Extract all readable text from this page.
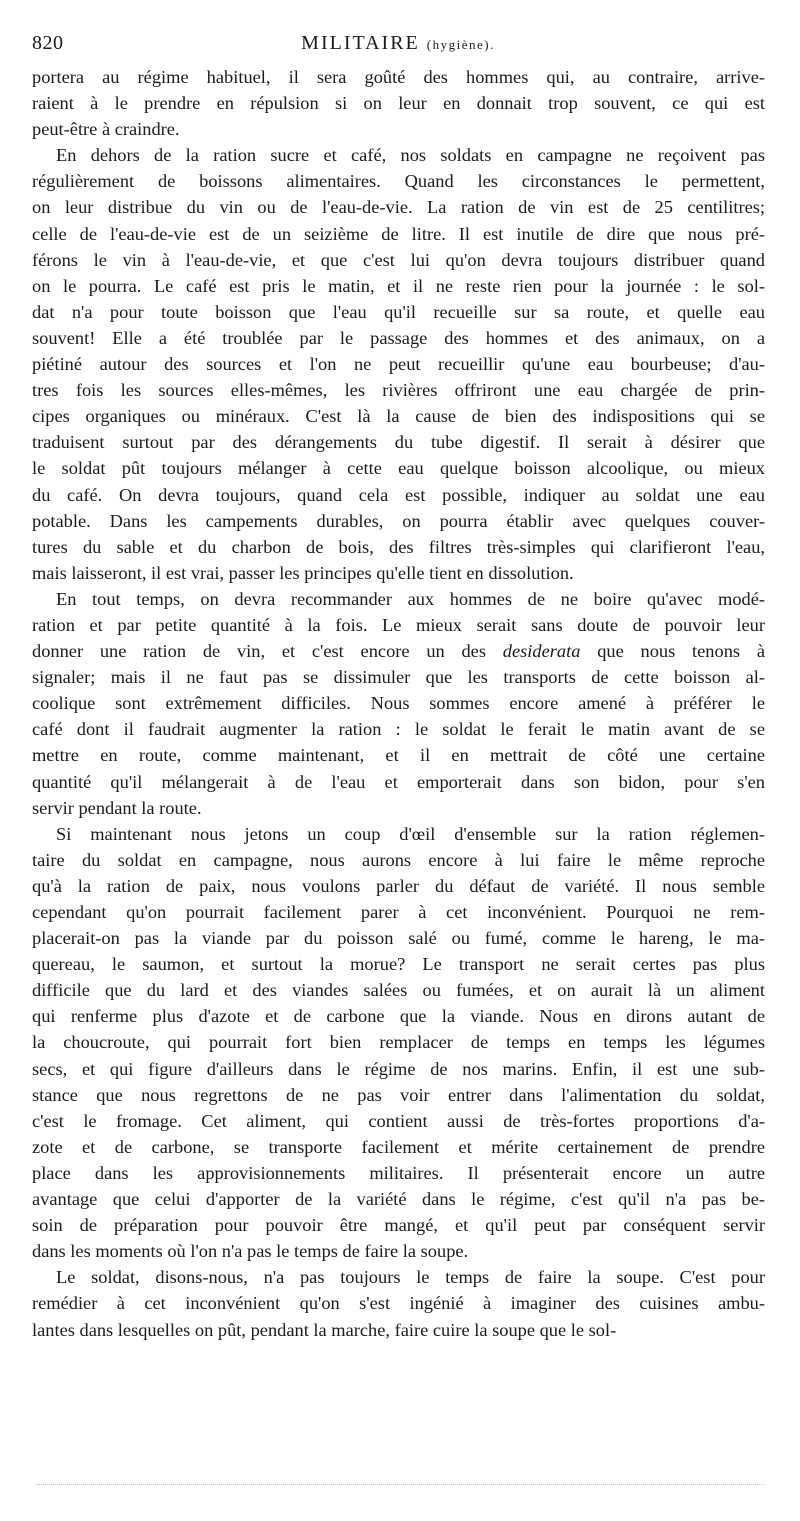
820	MILITAIRE (hygiène).
portera au régime habituel, il sera goûté des hommes qui, au contraire, arrive-
raient à le prendre en répulsion si on leur en donnait trop souvent, ce qui est
peut-être à craindre.
En dehors de la ration sucre et café, nos soldats en campagne ne reçoivent pas
régulièrement de boissons alimentaires. Quand les circonstances le permettent,
on leur distribue du vin ou de l'eau-de-vie. La ration de vin est de 25 centilitres;
celle de l'eau-de-vie est de un seizième de litre. Il est inutile de dire que nous pré-
férons le vin à l'eau-de-vie, et que c'est lui qu'on devra toujours distribuer quand
on le pourra. Le café est pris le matin, et il ne reste rien pour la journée : le sol-
dat n'a pour toute boisson que l'eau qu'il recueille sur sa route, et quelle eau
souvent! Elle a été troublée par le passage des hommes et des animaux, on a
piétiné autour des sources et l'on ne peut recueillir qu'une eau bourbeuse; d'au-
tres fois les sources elles-mêmes, les rivières offriront une eau chargée de prin-
cipes organiques ou minéraux. C'est là la cause de bien des indispositions qui se
traduisent surtout par des dérangements du tube digestif. Il serait à désirer que
le soldat pût toujours mélanger à cette eau quelque boisson alcoolique, ou mieux
du café. On devra toujours, quand cela est possible, indiquer au soldat une eau
potable. Dans les campements durables, on pourra établir avec quelques couver-
tures du sable et du charbon de bois, des filtres très-simples qui clarifieront l'eau,
mais laisseront, il est vrai, passer les principes qu'elle tient en dissolution.
En tout temps, on devra recommander aux hommes de ne boire qu'avec modé-
ration et par petite quantité à la fois. Le mieux serait sans doute de pouvoir leur
donner une ration de vin, et c'est encore un des desiderata que nous tenons à
signaler; mais il ne faut pas se dissimuler que les transports de cette boisson al-
coolique sont extrêmement difficiles. Nous sommes encore amené à préférer le
café dont il faudrait augmenter la ration : le soldat le ferait le matin avant de se
mettre en route, comme maintenant, et il en mettrait de côté une certaine
quantité qu'il mélangerait à de l'eau et emporterait dans son bidon, pour s'en
servir pendant la route.
Si maintenant nous jetons un coup d'œil d'ensemble sur la ration réglemen-
taire du soldat en campagne, nous aurons encore à lui faire le même reproche
qu'à la ration de paix, nous voulons parler du défaut de variété. Il nous semble
cependant qu'on pourrait facilement parer à cet inconvénient. Pourquoi ne rem-
placerait-on pas la viande par du poisson salé ou fumé, comme le hareng, le ma-
quereau, le saumon, et surtout la morue? Le transport ne serait certes pas plus
difficile que du lard et des viandes salées ou fumées, et on aurait là un aliment
qui renferme plus d'azote et de carbone que la viande. Nous en dirons autant de
la choucroute, qui pourrait fort bien remplacer de temps en temps les légumes
secs, et qui figure d'ailleurs dans le régime de nos marins. Enfin, il est une sub-
stance que nous regrettons de ne pas voir entrer dans l'alimentation du soldat,
c'est le fromage. Cet aliment, qui contient aussi de très-fortes proportions d'a-
zote et de carbone, se transporte facilement et mérite certainement de prendre
place dans les approvisionnements militaires. Il présenterait encore un autre
avantage que celui d'apporter de la variété dans le régime, c'est qu'il n'a pas be-
soin de préparation pour pouvoir être mangé, et qu'il peut par conséquent servir
dans les moments où l'on n'a pas le temps de faire la soupe.
Le soldat, disons-nous, n'a pas toujours le temps de faire la soupe. C'est pour
remédier à cet inconvénient qu'on s'est ingénié à imaginer des cuisines ambu-
lantes dans lesquelles on pût, pendant la marche, faire cuire la soupe que le sol-
